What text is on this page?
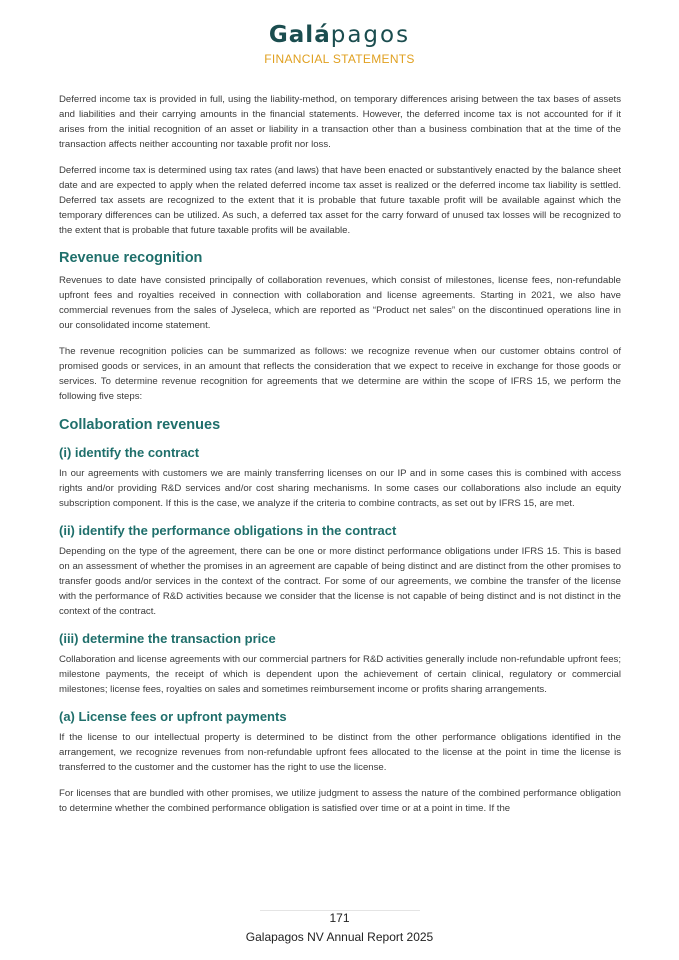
Galápagos
FINANCIAL STATEMENTS

Deferred income tax is provided in full, using the liability-method, on temporary differences arising between the tax bases of assets and liabilities and their carrying amounts in the financial statements. However, the deferred income tax is not accounted for if it arises from the initial recognition of an asset or liability in a transaction other than a business combination that at the time of the transaction affects neither accounting nor taxable profit nor loss.

Deferred income tax is determined using tax rates (and laws) that have been enacted or substantively enacted by the balance sheet date and are expected to apply when the related deferred income tax asset is realized or the deferred income tax liability is settled. Deferred tax assets are recognized to the extent that it is probable that future taxable profit will be available against which the temporary differences can be utilized. As such, a deferred tax asset for the carry forward of unused tax losses will be recognized to the extent that is probable that future taxable profits will be available.

Revenue recognition

Revenues to date have consisted principally of collaboration revenues, which consist of milestones, license fees, non-refundable upfront fees and royalties received in connection with collaboration and license agreements. Starting in 2021, we also have commercial revenues from the sales of Jyseleca, which are reported as “Product net sales” on the discontinued operations line in our consolidated income statement.

The revenue recognition policies can be summarized as follows: we recognize revenue when our customer obtains control of promised goods or services, in an amount that reflects the consideration that we expect to receive in exchange for those goods or services. To determine revenue recognition for agreements that we determine are within the scope of IFRS 15, we perform the following five steps:

Collaboration revenues
(i) identify the contract

In our agreements with customers we are mainly transferring licenses on our IP and in some cases this is combined with access rights and/or providing R&D services and/or cost sharing mechanisms. In some cases our collaborations also include an equity subscription component. If this is the case, we analyze if the criteria to combine contracts, as set out by IFRS 15, are met.

(ii) identify the performance obligations in the contract

Depending on the type of the agreement, there can be one or more distinct performance obligations under IFRS 15. This is based on an assessment of whether the promises in an agreement are capable of being distinct and are distinct from the other promises to transfer goods and/or services in the context of the contract. For some of our agreements, we combine the transfer of the license with the performance of R&D activities because we consider that the license is not capable of being distinct and is not distinct in the context of the contract.

(iii) determine the transaction price

Collaboration and license agreements with our commercial partners for R&D activities generally include non-refundable upfront fees; milestone payments, the receipt of which is dependent upon the achievement of certain clinical, regulatory or commercial milestones; license fees, royalties on sales and sometimes reimbursement income or profits sharing arrangements.

(a) License fees or upfront payments

If the license to our intellectual property is determined to be distinct from the other performance obligations identified in the arrangement, we recognize revenues from non-refundable upfront fees allocated to the license at the point in time the license is transferred to the customer and the customer has the right to use the license.

For licenses that are bundled with other promises, we utilize judgment to assess the nature of the combined performance obligation to determine whether the combined performance obligation is satisfied over time or at a point in time. If the

171
Galapagos NV Annual Report 2025
